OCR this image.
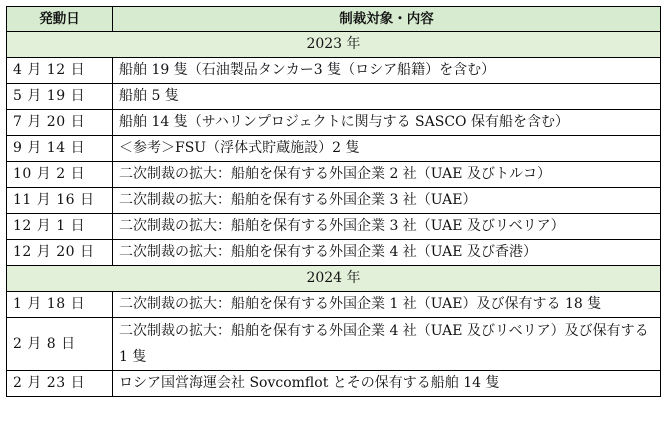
発動日	制裁対象・内容
2023 年	
4 月 12 日	船舶 19 隻（石油製品タンカー3 隻（ロシア船籍）を含む）
5 月 19 日	船舶 5 隻
7 月 20 日	船舶 14 隻（サハリンプロジェクトに関与する SASCO 保有船を含む）
9 月 14 日	＜参考＞FSU（浮体式貯蔵施設）2 隻
10 月 2 日	二次制裁の拡大：船舶を保有する外国企業 2 社（UAE 及びトルコ）
11 月 16 日	二次制裁の拡大：船舶を保有する外国企業 3 社（UAE）
12 月 1 日	二次制裁の拡大：船舶を保有する外国企業 3 社（UAE 及びリベリア）
12 月 20 日	二次制裁の拡大：船舶を保有する外国企業 4 社（UAE 及び香港）
2024 年	
1 月 18 日	二次制裁の拡大：船舶を保有する外国企業 1 社（UAE）及び保有する 18 隻
2 月 8 日	二次制裁の拡大：船舶を保有する外国企業 4 社（UAE 及びリベリア）及び保有する 1 隻
2 月 23 日	ロシア国営海運会社 Sovcomflot とその保有する船舶 14 隻
